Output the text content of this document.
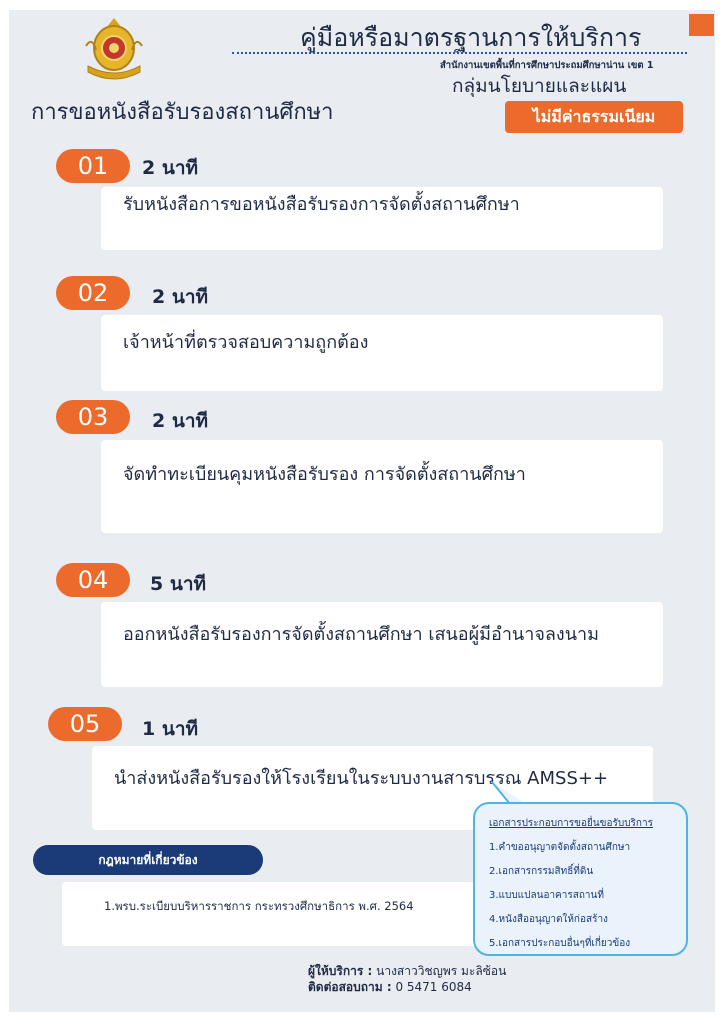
คู่มือหรือมาตรฐานการให้บริการ
สำนักงานเขตพื้นที่การศึกษาประถมศึกษาน่าน เขต 1
กลุ่มนโยบายและแผน
การขอหนังสือรับรองสถานศึกษา	ไม่มีค่าธรรมเนียม
01	2 นาที
รับหนังสือการขอหนังสือรับรองการจัดตั้งสถานศึกษา
02	2 นาที
เจ้าหน้าที่ตรวจสอบความถูกต้อง
03	2 นาที
จัดทำทะเบียนคุมหนังสือรับรอง การจัดตั้งสถานศึกษา
04	5 นาที
ออกหนังสือรับรองการจัดตั้งสถานศึกษา เสนอผู้มีอำนาจลงนาม
05	1 นาที
นำส่งหนังสือรับรองให้โรงเรียนในระบบงานสารบรรณ AMSS++
กฎหมายที่เกี่ยวข้อง
1.พรบ.ระเบียบบริหารราชการ กระทรวงศึกษาธิการ พ.ศ. 2564
เอกสารประกอบการขอยื่นขอรับบริการ
1.คำขออนุญาตจัดตั้งสถานศึกษา
2.เอกสารกรรมสิทธิ์ที่ดิน
3.แบบแปลนอาคารสถานที่
4.หนังสืออนุญาตให้ก่อสร้าง
5.เอกสารประกอบอื่นๆที่เกี่ยวข้อง
ผู้ให้บริการ : นางสาววิชญพร มะลิซ้อน
ติดต่อสอบถาม : 0 5471 6084
